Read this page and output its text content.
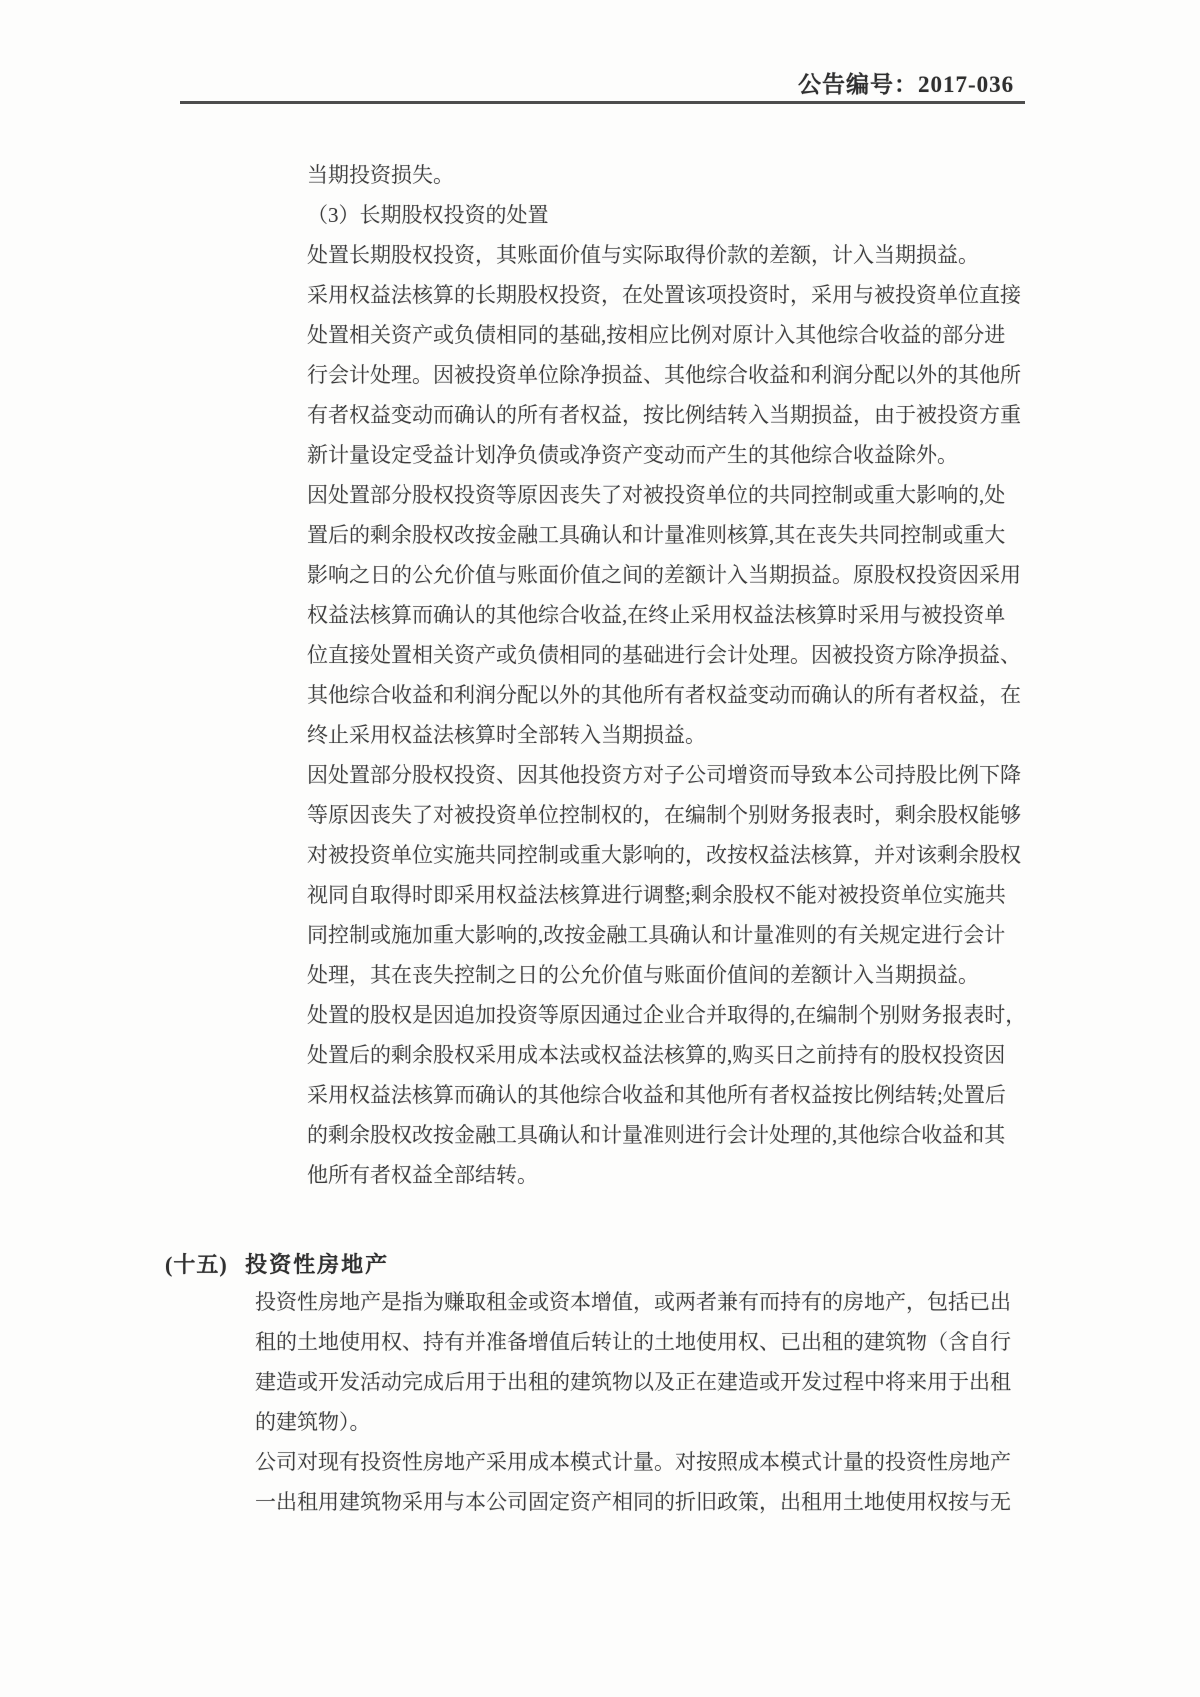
公告编号：2017-036
当期投资损失。
（3）长期股权投资的处置
处置长期股权投资，其账面价值与实际取得价款的差额，计入当期损益。
采用权益法核算的长期股权投资，在处置该项投资时，采用与被投资单位直接
处置相关资产或负债相同的基础,按相应比例对原计入其他综合收益的部分进
行会计处理。因被投资单位除净损益、其他综合收益和利润分配以外的其他所
有者权益变动而确认的所有者权益，按比例结转入当期损益，由于被投资方重
新计量设定受益计划净负债或净资产变动而产生的其他综合收益除外。
因处置部分股权投资等原因丧失了对被投资单位的共同控制或重大影响的,处
置后的剩余股权改按金融工具确认和计量准则核算,其在丧失共同控制或重大
影响之日的公允价值与账面价值之间的差额计入当期损益。原股权投资因采用
权益法核算而确认的其他综合收益,在终止采用权益法核算时采用与被投资单
位直接处置相关资产或负债相同的基础进行会计处理。因被投资方除净损益、
其他综合收益和利润分配以外的其他所有者权益变动而确认的所有者权益，在
终止采用权益法核算时全部转入当期损益。
因处置部分股权投资、因其他投资方对子公司增资而导致本公司持股比例下降
等原因丧失了对被投资单位控制权的，在编制个别财务报表时，剩余股权能够
对被投资单位实施共同控制或重大影响的，改按权益法核算，并对该剩余股权
视同自取得时即采用权益法核算进行调整;剩余股权不能对被投资单位实施共
同控制或施加重大影响的,改按金融工具确认和计量准则的有关规定进行会计
处理，其在丧失控制之日的公允价值与账面价值间的差额计入当期损益。
处置的股权是因追加投资等原因通过企业合并取得的,在编制个别财务报表时，
处置后的剩余股权采用成本法或权益法核算的,购买日之前持有的股权投资因
采用权益法核算而确认的其他综合收益和其他所有者权益按比例结转;处置后
的剩余股权改按金融工具确认和计量准则进行会计处理的,其他综合收益和其
他所有者权益全部结转。
(十五) 投资性房地产
投资性房地产是指为赚取租金或资本增值，或两者兼有而持有的房地产，包括已出
租的土地使用权、持有并准备增值后转让的土地使用权、已出租的建筑物（含自行
建造或开发活动完成后用于出租的建筑物以及正在建造或开发过程中将来用于出租
的建筑物）。
公司对现有投资性房地产采用成本模式计量。对按照成本模式计量的投资性房地产
一出租用建筑物采用与本公司固定资产相同的折旧政策，出租用土地使用权按与无
